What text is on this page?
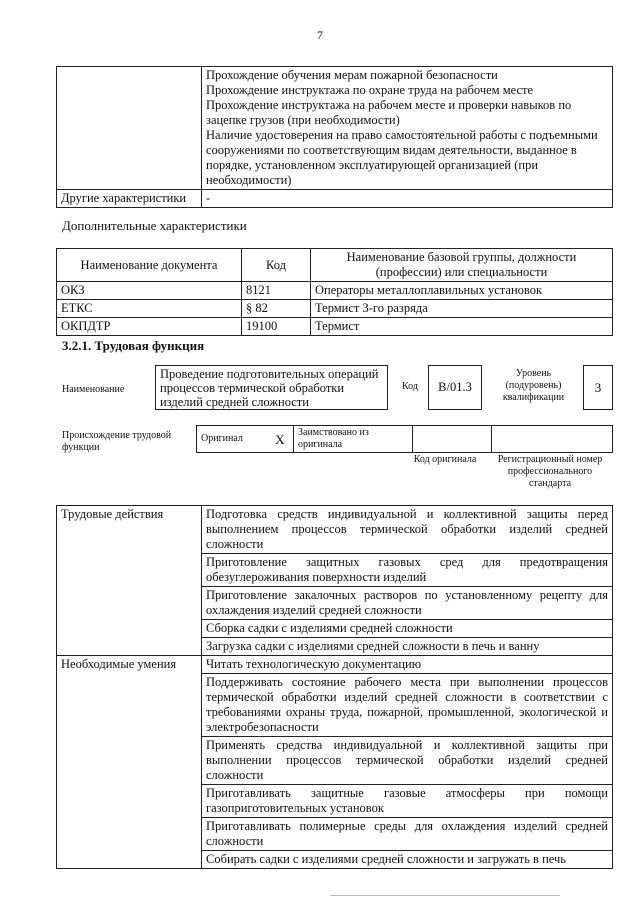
7

	Прохождение обучения мерам пожарной безопасности
Прохождение инструктажа по охране труда на рабочем месте
Прохождение инструктажа на рабочем месте и проверки навыков по зацепке грузов (при необходимости)
Наличие удостоверения на право самостоятельной работы с подъемными сооружениями по соответствующим видам деятельности, выданное в порядке, установленном эксплуатирующей организацией (при необходимости)

Другие характеристики	-
Дополнительные характеристики
Наименование документа	Код	Наименование базовой группы, должности (профессии) или специальности
ОКЗ	8121	Операторы металлоплавильных установок
ЕТКС	§ 82	Термист 3-го разряда
ОКПДТР	19100	Термист
3.2.1. Трудовая функция
Наименование
Проведение подготовительных операций процессов термической обработки изделий средней сложности
Код	B/01.3
Уровень (подуровень) квалификации
3
Происхождение трудовой функции
Оригинал	X	Заимствовано из оригинала		
Код оригинала	Регистрационный номер профессионального стандарта
Трудовые действия	Подготовка средств индивидуальной и коллективной защиты перед выполнением процессов термической обработки изделий средней сложности
	Приготовление защитных газовых сред для предотвращения обезуглероживания поверхности изделий
	Приготовление закалочных растворов по установленному рецепту для охлаждения изделий средней сложности
	Сборка садки с изделиями средней сложности
	Загрузка садки с изделиями средней сложности в печь и ванну
Необходимые умения	Читать технологическую документацию
	Поддерживать состояние рабочего места при выполнении процессов термической обработки изделий средней сложности в соответствии с требованиями охраны труда, пожарной, промышленной, экологической и электробезопасности
	Применять средства индивидуальной и коллективной защиты при выполнении процессов термической обработки изделий средней сложности
	Приготавливать защитные газовые атмосферы при помощи газоприготовительных установок
	Приготавливать полимерные среды для охлаждения изделий средней сложности
	Собирать садки с изделиями средней сложности и загружать в печь
